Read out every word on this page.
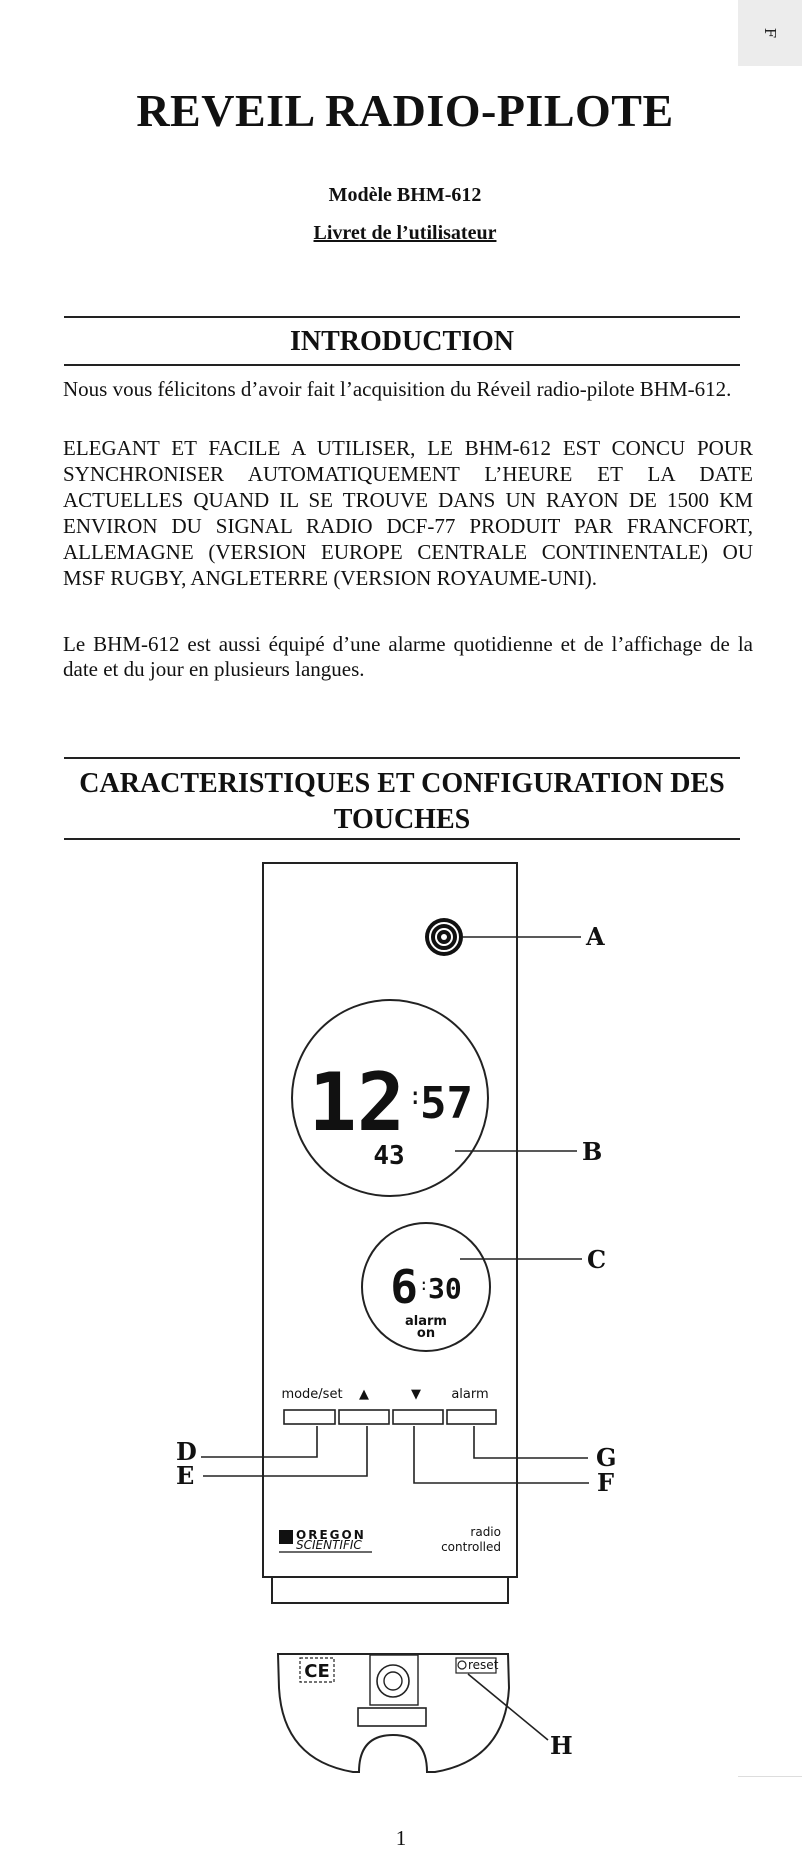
F
REVEIL RADIO-PILOTE
Modèle BHM-612
Livret de l’utilisateur
INTRODUCTION
Nous vous félicitons d’avoir fait l’acquisition du Réveil radio-pilote BHM-612.
ELEGANT ET FACILE A UTILISER, LE BHM-612 EST CONCU POUR SYNCHRONISER AUTOMATIQUEMENT L’HEURE ET LA DATE ACTUELLES QUAND IL SE TROUVE DANS UN RAYON DE 1500 KM ENVIRON DU SIGNAL RADIO DCF-77 PRODUIT PAR FRANCFORT, ALLEMAGNE (VERSION EUROPE CENTRALE CONTINENTALE) OU MSF RUGBY, ANGLETERRE (VERSION ROYAUME-UNI).
Le BHM-612 est aussi équipé d’une alarme quotidienne et de l’affichage de la date et du jour en plusieurs langues.
CARACTERISTIQUES ET CONFIGURATION DES TOUCHES
A
12 :
57
43	B
6 : 30
alarm
on
C
mode/set ▲	▼ alarm
D
E	F
G
OREGON
SCIENTIFIC
radio
controlled
CE	reset
H
1
